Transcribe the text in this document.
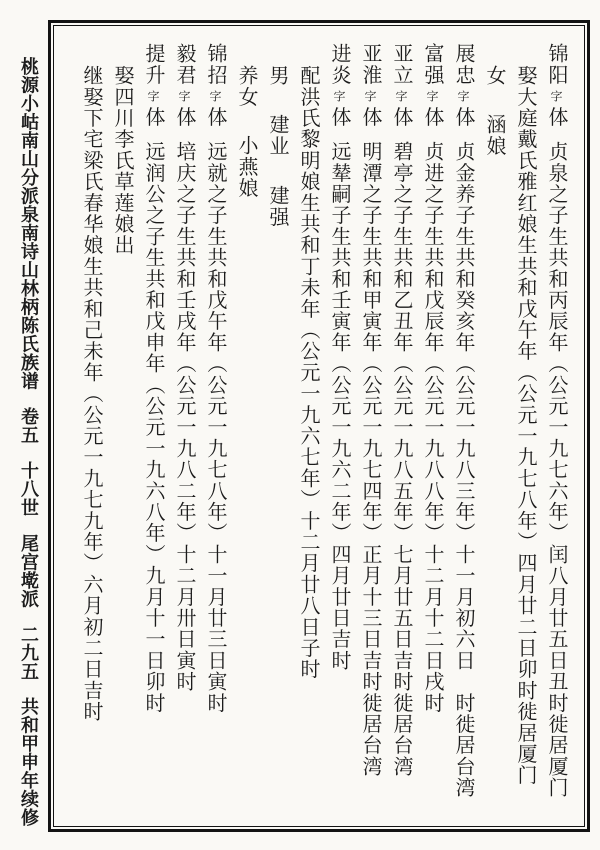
桃源小岵南山分派泉南诗山林柄陈氏族谱
卷五
十八世
尾宫墘派
二九五
共和甲申年续修
锦阳字体贞泉之子生共和丙辰年（公元一九七六年）闰八月廿五日丑时徙居厦门
娶大庭戴氏雅红娘生共和戊午年（公元一九七八年）四月廿二日卯时徙居厦门
女涵娘
展忠字体贞金养子生共和癸亥年（公元一九八三年）十一月初六日　时徙居台湾
富强字体贞进之子生共和戊辰年（公元一九八八年）十二月十二日戌时
亚立字体碧亭之子生共和乙丑年（公元一九八五年）七月廿五日吉时徙居台湾
亚淮字体明潭之子生共和甲寅年（公元一九七四年）正月十三日吉时徙居台湾
进炎字体远辇嗣子生共和壬寅年（公元一九六二年）四月廿日吉时
配洪氏黎明娘生共和丁未年（公元一九六七年）十二月廿八日子时
男建业建强
养女小燕娘
锦招字体远就之子生共和戊午年（公元一九七八年）十一月廿三日寅时
毅君字体培庆之子生共和壬戌年（公元一九八二年）十二月卅日寅时
提升字体远润公之子生共和戊申年（公元一九六八年）九月十一日卯时
娶四川李氏草莲娘出
继娶下宅梁氏春华娘生共和己未年（公元一九七九年）六月初二日吉时
